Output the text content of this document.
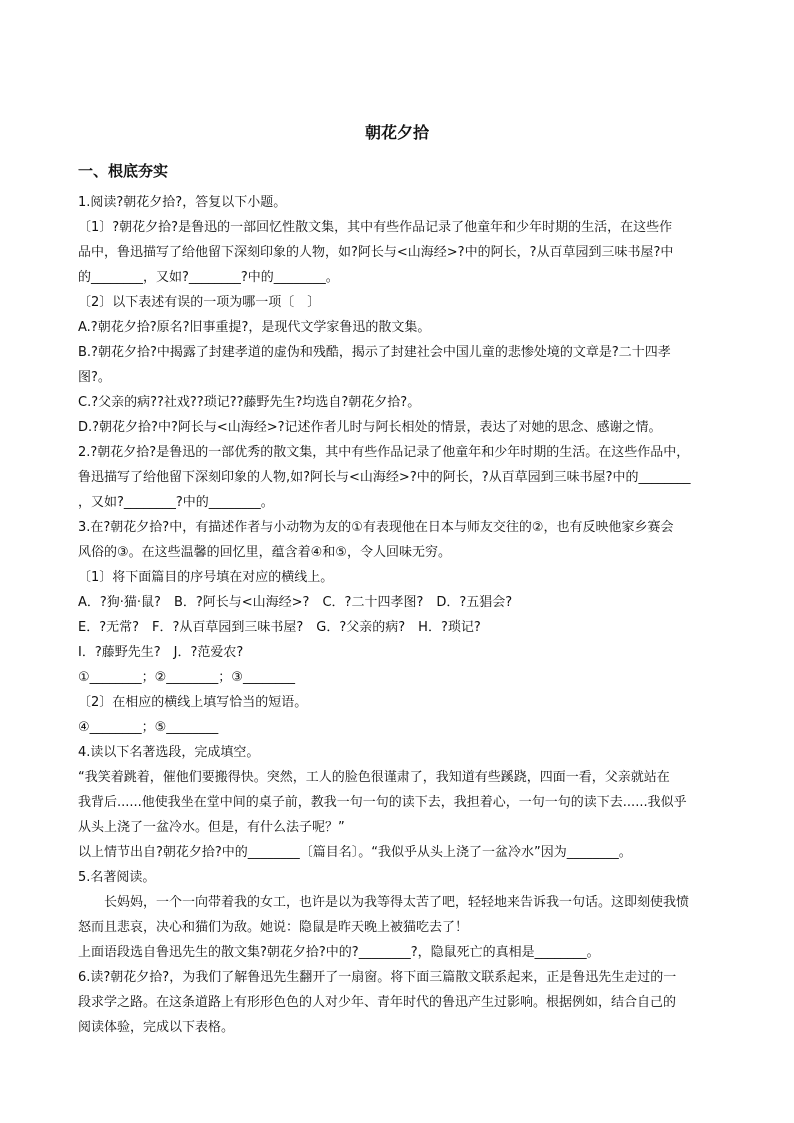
朝花夕拾
一、根底夯实

1.阅读?朝花夕拾?，答复以下小题。

〔1〕?朝花夕拾?是鲁迅的一部回忆性散文集，其中有些作品记录了他童年和少年时期的生活，在这些作

品中，鲁迅描写了给他留下深刻印象的人物，如?阿长与<山海经>?中的阿长，?从百草园到三味书屋?中

的________，又如?________?中的________。

〔2〕以下表述有误的一项为哪一项〔　〕

A.?朝花夕拾?原名?旧事重提?，是现代文学家鲁迅的散文集。

B.?朝花夕拾?中揭露了封建孝道的虚伪和残酷，揭示了封建社会中国儿童的悲惨处境的文章是?二十四孝

图?。

C.?父亲的病??社戏??琐记??藤野先生?均选自?朝花夕拾?。

D.?朝花夕拾?中?阿长与<山海经>?记述作者儿时与阿长相处的情景，表达了对她的思念、感谢之情。

2.?朝花夕拾?是鲁迅的一部优秀的散文集，其中有些作品记录了他童年和少年时期的生活。在这些作品中，

鲁迅描写了给他留下深刻印象的人物,如?阿长与<山海经>?中的阿长，?从百草园到三味书屋?中的________

，又如?________?中的________。

3.在?朝花夕拾?中，有描述作者与小动物为友的①有表现他在日本与师友交往的②，也有反映他家乡赛会

风俗的③。在这些温馨的回忆里，蕴含着④和⑤，令人回味无穷。

〔1〕将下面篇目的序号填在对应的横线上。

A．?狗·猫·鼠?　B．?阿长与<山海经>?　C．?二十四孝图?　D．?五猖会?

E．?无常?　F．?从百草园到三味书屋?　G．?父亲的病?　H．?琐记?

I．?藤野先生?　J．?范爱农?

①________；②________；③________

〔2〕在相应的横线上填写恰当的短语。

④________；⑤________

4.读以下名著选段，完成填空。

“我笑着跳着，催他们要搬得快。突然，工人的脸色很谨肃了，我知道有些蹊跷，四面一看，父亲就站在

我背后......他使我坐在堂中间的桌子前，教我一句一句的读下去，我担着心，一句一句的读下去......我似乎

从头上浇了一盆冷水。但是，有什么法子呢？”

以上情节出自?朝花夕拾?中的________〔篇目名〕。“我似乎从头上浇了一盆冷水”因为________。

5.名著阅读。

长妈妈，一个一向带着我的女工，也许是以为我等得太苦了吧，轻轻地来告诉我一句话。这即刻使我愤

怒而且悲哀，决心和猫们为敌。她说：隐鼠是昨天晚上被猫吃去了！

上面语段选自鲁迅先生的散文集?朝花夕拾?中的?________?，隐鼠死亡的真相是________。

6.读?朝花夕拾?，为我们了解鲁迅先生翻开了一扇窗。将下面三篇散文联系起来，正是鲁迅先生走过的一

段求学之路。在这条道路上有形形色色的人对少年、青年时代的鲁迅产生过影响。根据例如，结合自己的

阅读体验，完成以下表格。
